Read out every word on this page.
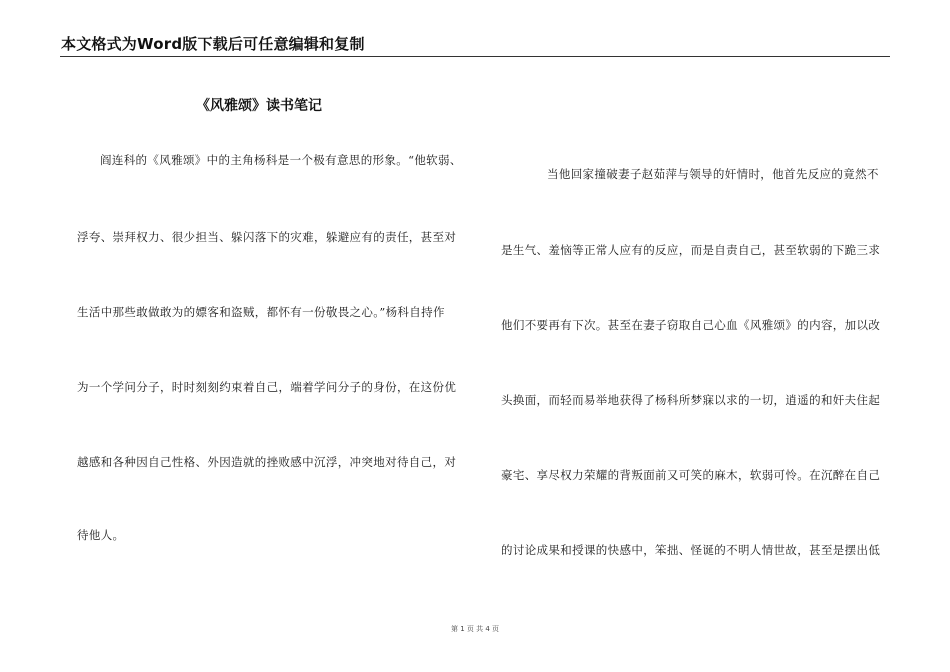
本文格式为Word版下载后可任意编辑和复制
《风雅颂》读书笔记
阎连科的《风雅颂》中的主角杨科是一个极有意思的形象。“他软弱、
浮夸、崇拜权力、很少担当、躲闪落下的灾难，躲避应有的责任，甚至对
生活中那些敢做敢为的嫖客和盗贼，都怀有一份敬畏之心。”杨科自持作
为一个学问分子，时时刻刻约束着自己，端着学问分子的身份，在这份优
越感和各种因自己性格、外因造就的挫败感中沉浮，冲突地对待自己，对
待他人。
当他回家撞破妻子赵茹萍与领导的奸情时，他首先反应的竟然不
是生气、羞恼等正常人应有的反应，而是自责自己，甚至软弱的下跪三求
他们不要再有下次。甚至在妻子窃取自己心血《风雅颂》的内容，加以改
头换面，而轻而易举地获得了杨科所梦寐以求的一切，逍遥的和奸夫住起
豪宅、享尽权力荣耀的背叛面前又可笑的麻木，软弱可怜。在沉醉在自己
的讨论成果和授课的快感中，笨拙、怪诞的不明人情世故，甚至是摆出低
第 1 页 共 4 页
